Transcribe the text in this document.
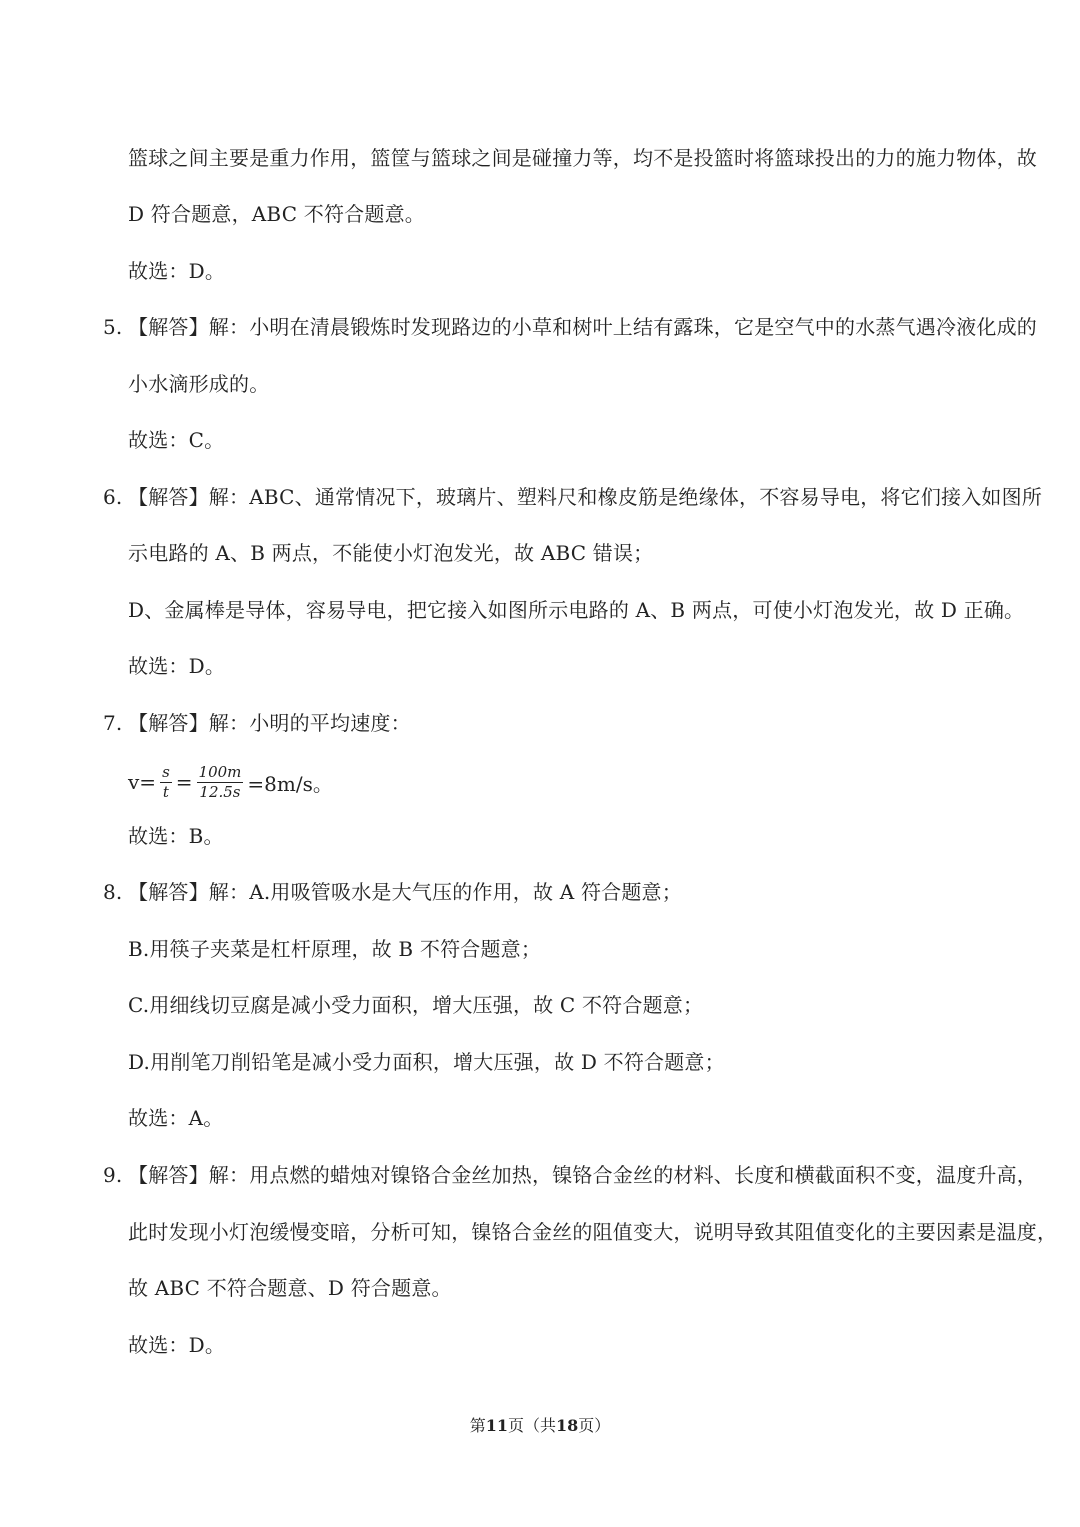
篮球之间主要是重力作用，篮筐与篮球之间是碰撞力等，均不是投篮时将篮球投出的力的施力物体，故
D 符合题意，ABC 不符合题意。
故选：D。
5. 【解答】解：小明在清晨锻炼时发现路边的小草和树叶上结有露珠，它是空气中的水蒸气遇冷液化成的
小水滴形成的。
故选：C。
6. 【解答】解：ABC、通常情况下，玻璃片、塑料尺和橡皮筋是绝缘体，不容易导电，将它们接入如图所
示电路的 A、B 两点，不能使小灯泡发光，故 ABC 错误；
D、金属棒是导体，容易导电，把它接入如图所示电路的 A、B 两点，可使小灯泡发光，故 D 正确。
故选：D。
7. 【解答】解：小明的平均速度：
$v= \frac{s}{t} = \frac{100m}{12.5s} =8m/s$。
故选：B。
8. 【解答】解：A.用吸管吸水是大气压的作用，故 A 符合题意；
B.用筷子夹菜是杠杆原理，故 B 不符合题意；
C.用细线切豆腐是减小受力面积，增大压强，故 C 不符合题意；
D.用削笔刀削铅笔是减小受力面积，增大压强，故 D 不符合题意；
故选：A。
9. 【解答】解：用点燃的蜡烛对镍铬合金丝加热，镍铬合金丝的材料、长度和横截面积不变，温度升高，
此时发现小灯泡缓慢变暗，分析可知，镍铬合金丝的阻值变大，说明导致其阻值变化的主要因素是温度，
故 ABC 不符合题意、D 符合题意。
故选：D。
第11页（共18页）
